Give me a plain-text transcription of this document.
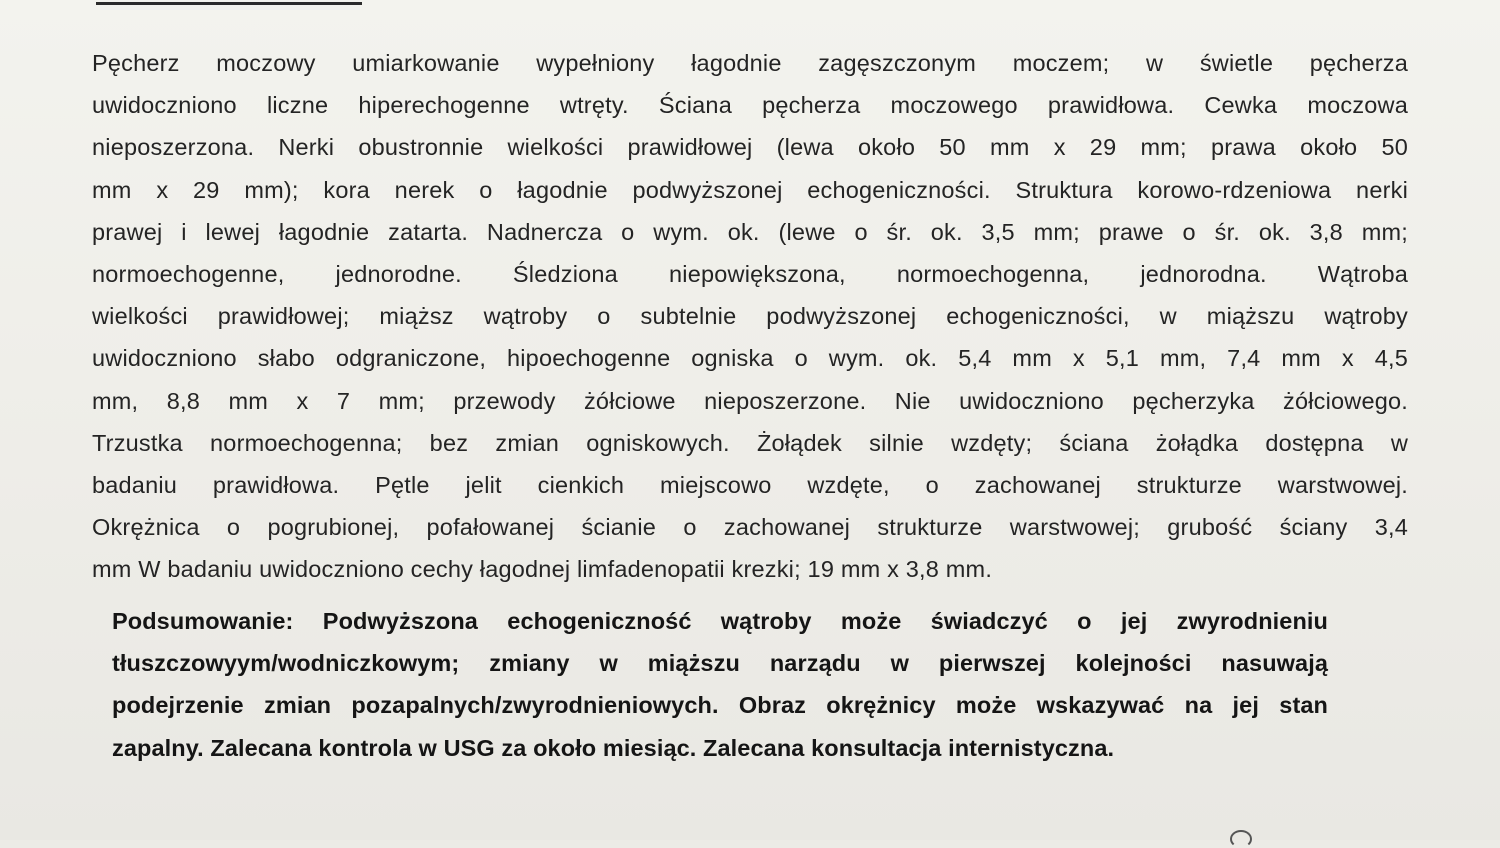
Pęcherz moczowy umiarkowanie wypełniony łagodnie zagęszczonym moczem; w świetle pęcherza
uwidoczniono liczne hiperechogenne wtręty. Ściana pęcherza moczowego prawidłowa. Cewka moczowa
nieposzerzona. Nerki obustronnie wielkości prawidłowej (lewa około 50 mm x 29 mm; prawa około 50
mm x 29 mm); kora nerek o łagodnie podwyższonej echogeniczności. Struktura korowo-rdzeniowa nerki
prawej i lewej łagodnie zatarta. Nadnercza o wym. ok. (lewe o śr. ok. 3,5 mm; prawe o śr. ok. 3,8 mm;
normoechogenne, jednorodne. Śledziona niepowiększona, normoechogenna, jednorodna. Wątroba
wielkości prawidłowej; miąższ wątroby o subtelnie podwyższonej echogeniczności, w miąższu wątroby
uwidoczniono słabo odgraniczone, hipoechogenne ogniska o wym. ok. 5,4 mm x 5,1 mm, 7,4 mm x 4,5
mm, 8,8 mm x 7 mm; przewody żółciowe nieposzerzone. Nie uwidoczniono pęcherzyka żółciowego.
Trzustka normoechogenna; bez zmian ogniskowych. Żołądek silnie wzdęty; ściana żołądka dostępna w
badaniu prawidłowa. Pętle jelit cienkich miejscowo wzdęte, o zachowanej strukturze warstwowej.
Okrężnica o pogrubionej, pofałowanej ścianie o zachowanej strukturze warstwowej; grubość ściany 3,4
mm W badaniu uwidoczniono cechy łagodnej limfadenopatii krezki; 19 mm x 3,8 mm.
Podsumowanie: Podwyższona echogeniczność wątroby może świadczyć o jej zwyrodnieniu
tłuszczowyym/wodniczkowym; zmiany w miąższu narządu w pierwszej kolejności nasuwają
podejrzenie zmian pozapalnych/zwyrodnieniowych. Obraz okrężnicy może wskazywać na jej stan
zapalny. Zalecana kontrola w USG za około miesiąc. Zalecana konsultacja internistyczna.
